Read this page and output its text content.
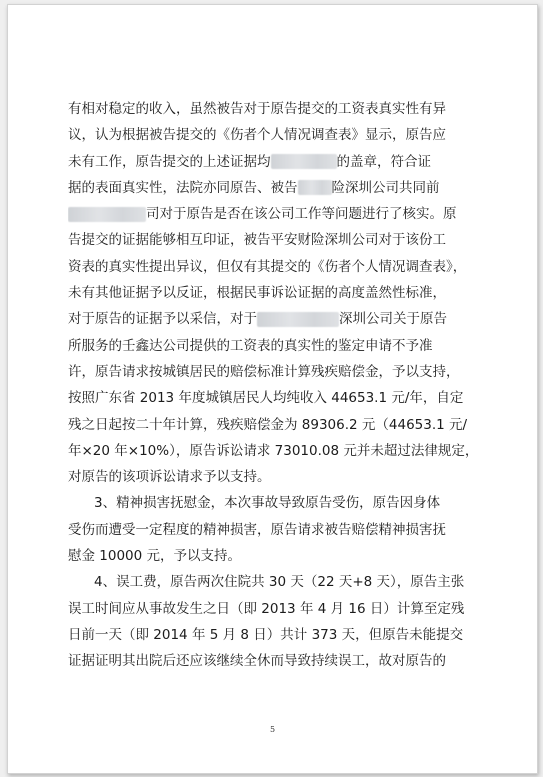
有相对稳定的收入，虽然被告对于原告提交的工资表真实性有异
议，认为根据被告提交的《伤者个人情况调查表》显示，原告应
未有工作，原告提交的上述证据均	的盖章，符合证
据的表面真实性，法院亦同原告、被告	险深圳公司共同前
司对于原告是否在该公司工作等问题进行了核实。原
告提交的证据能够相互印证，被告平安财险深圳公司对于该份工
资表的真实性提出异议，但仅有其提交的《伤者个人情况调查表》，
未有其他证据予以反证，根据民事诉讼证据的高度盖然性标准，
对于原告的证据予以采信，对于	深圳公司关于原告
所服务的壬鑫达公司提供的工资表的真实性的鉴定申请不予准
许，原告请求按城镇居民的赔偿标准计算残疾赔偿金，予以支持，
按照广东省 2013 年度城镇居民人均纯收入 44653.1 元/年，自定
残之日起按二十年计算，残疾赔偿金为 89306.2 元（44653.1 元/
年×20 年×10%），原告诉讼请求 73010.08 元并未超过法律规定，
对原告的该项诉讼请求予以支持。
3、精神损害抚慰金，本次事故导致原告受伤，原告因身体
受伤而遭受一定程度的精神损害，原告请求被告赔偿精神损害抚
慰金 10000 元，予以支持。
4、误工费，原告两次住院共 30 天（22 天+8 天），原告主张
误工时间应从事故发生之日（即 2013 年 4 月 16 日）计算至定残
日前一天（即 2014 年 5 月 8 日）共计 373 天，但原告未能提交
证据证明其出院后还应该继续全休而导致持续误工，故对原告的
5
